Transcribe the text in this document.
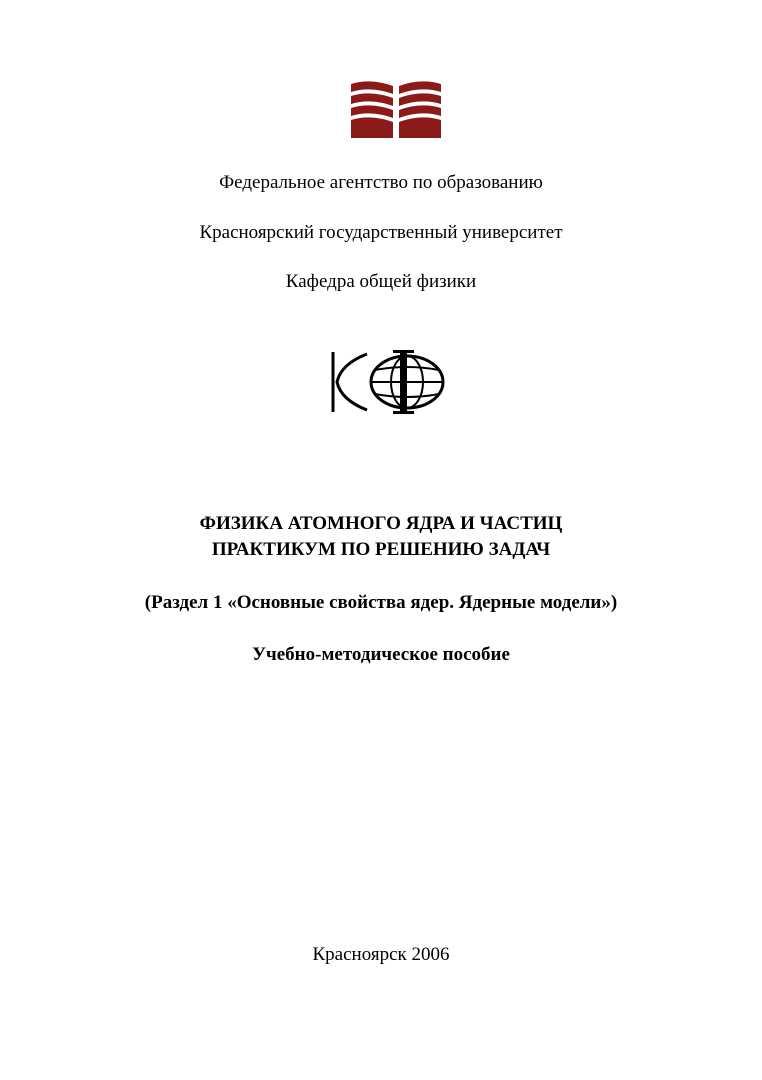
Федеральное агентство по образованию
Красноярский государственный университет
Кафедра общей физики
ФИЗИКА АТОМНОГО ЯДРА И ЧАСТИЦ
ПРАКТИКУМ ПО РЕШЕНИЮ ЗАДАЧ
(Раздел 1 «Основные свойства ядер. Ядерные модели»)
Учебно-методическое пособие
Красноярск 2006
